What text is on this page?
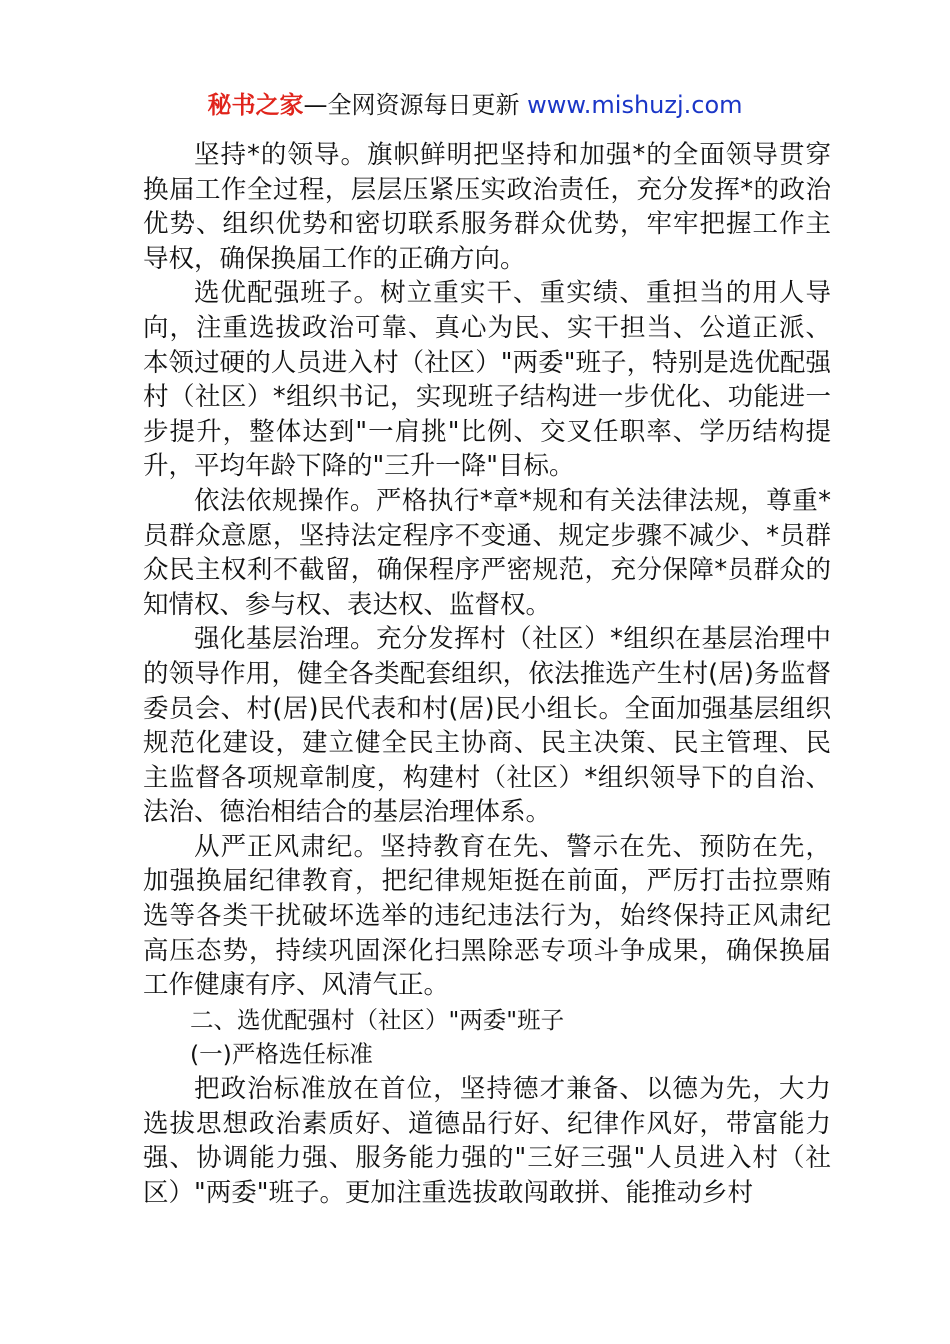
秘书之家—全网资源每日更新 www.mishuzj.com

坚持*的领导。旗帜鲜明把坚持和加强*的全面领导贯穿换届工作全过程，层层压紧压实政治责任，充分发挥*的政治优势、组织优势和密切联系服务群众优势，牢牢把握工作主导权，确保换届工作的正确方向。

选优配强班子。树立重实干、重实绩、重担当的用人导向，注重选拔政治可靠、真心为民、实干担当、公道正派、本领过硬的人员进入村（社区）"两委"班子，特别是选优配强村（社区）*组织书记，实现班子结构进一步优化、功能进一步提升，整体达到"一肩挑"比例、交叉任职率、学历结构提升，平均年龄下降的"三升一降"目标。

依法依规操作。严格执行*章*规和有关法律法规，尊重*员群众意愿，坚持法定程序不变通、规定步骤不减少、*员群众民主权利不截留，确保程序严密规范，充分保障*员群众的知情权、参与权、表达权、监督权。

强化基层治理。充分发挥村（社区）*组织在基层治理中的领导作用，健全各类配套组织，依法推选产生村(居)务监督委员会、村(居)民代表和村(居)民小组长。全面加强基层组织规范化建设，建立健全民主协商、民主决策、民主管理、民主监督各项规章制度，构建村（社区）*组织领导下的自治、法治、德治相结合的基层治理体系。

从严正风肃纪。坚持教育在先、警示在先、预防在先，加强换届纪律教育，把纪律规矩挺在前面，严厉打击拉票贿选等各类干扰破坏选举的违纪违法行为，始终保持正风肃纪高压态势，持续巩固深化扫黑除恶专项斗争成果，确保换届工作健康有序、风清气正。

二、选优配强村（社区）"两委"班子

(一)严格选任标准

把政治标准放在首位，坚持德才兼备、以德为先，大力选拔思想政治素质好、道德品行好、纪律作风好，带富能力强、协调能力强、服务能力强的"三好三强"人员进入村（社区）"两委"班子。更加注重选拔敢闯敢拼、能推动乡村
